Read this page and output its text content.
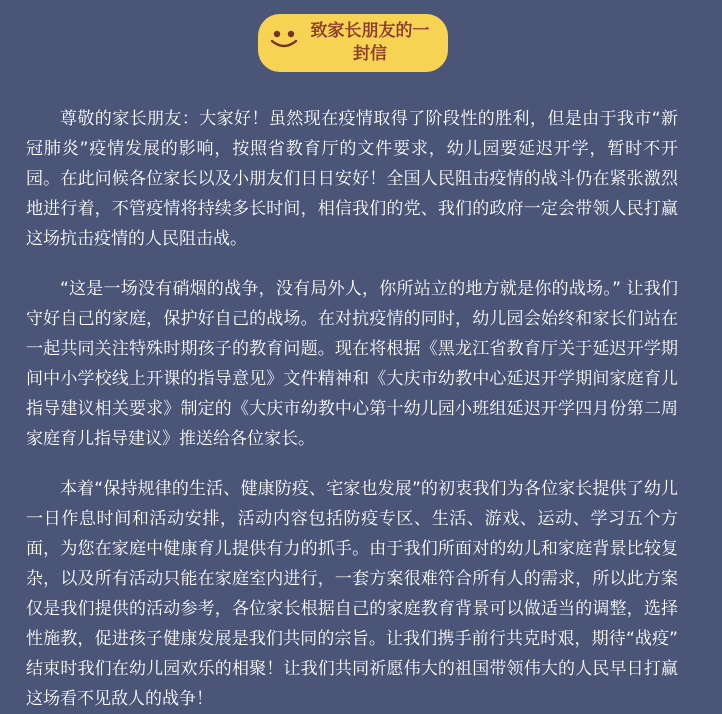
致家长朋友的一封信

尊敬的家长朋友：大家好！虽然现在疫情取得了阶段性的胜利，但是由于我市“新冠肺炎”疫情发展的影响，按照省教育厅的文件要求，幼儿园要延迟开学，暂时不开园。在此问候各位家长以及小朋友们日日安好！全国人民阻击疫情的战斗仍在紧张激烈地进行着，不管疫情将持续多长时间，相信我们的党、我们的政府一定会带领人民打赢这场抗击疫情的人民阻击战。

“这是一场没有硝烟的战争，没有局外人，你所站立的地方就是你的战场。” 让我们守好自己的家庭，保护好自己的战场。在对抗疫情的同时，幼儿园会始终和家长们站在一起共同关注特殊时期孩子的教育问题。现在将根据《黑龙江省教育厅关于延迟开学期间中小学校线上开课的指导意见》文件精神和《大庆市幼教中心延迟开学期间家庭育儿指导建议相关要求》制定的《大庆市幼教中心第十幼儿园小班组延迟开学四月份第二周家庭育儿指导建议》推送给各位家长。

本着“保持规律的生活、健康防疫、宅家也发展”的初衷我们为各位家长提供了幼儿一日作息时间和活动安排，活动内容包括防疫专区、生活、游戏、运动、学习五个方面，为您在家庭中健康育儿提供有力的抓手。由于我们所面对的幼儿和家庭背景比较复杂，以及所有活动只能在家庭室内进行，一套方案很难符合所有人的需求，所以此方案仅是我们提供的活动参考，各位家长根据自己的家庭教育背景可以做适当的调整，选择性施教，促进孩子健康发展是我们共同的宗旨。让我们携手前行共克时艰，期待“战疫”结束时我们在幼儿园欢乐的相聚！让我们共同祈愿伟大的祖国带领伟大的人民早日打赢这场看不见敌人的战争！
